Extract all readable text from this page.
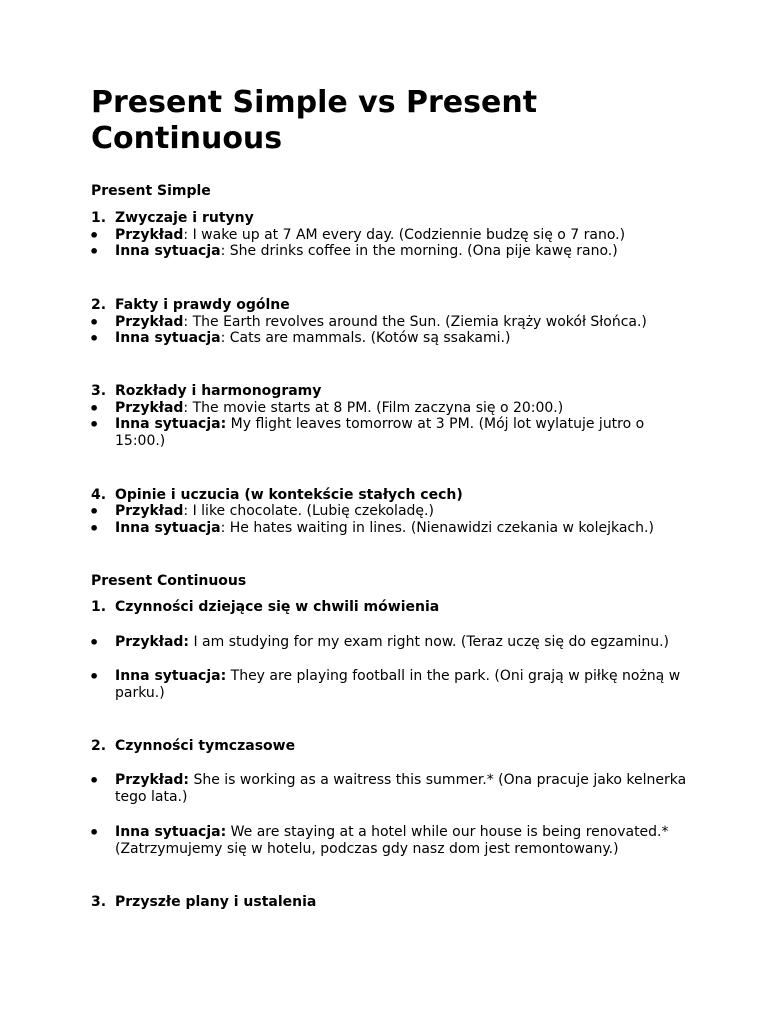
Present Simple vs Present Continuous

Present Simple

1. Zwyczaje i rutyny

• Przykład: I wake up at 7 AM every day. (Codziennie budzę się o 7 rano.)

• Inna sytuacja: She drinks coffee in the morning. (Ona pije kawę rano.)

2. Fakty i prawdy ogólne

• Przykład: The Earth revolves around the Sun. (Ziemia krąży wokół Słońca.)

• Inna sytuacja: Cats are mammals. (Kotów są ssakami.)

3. Rozkłady i harmonogramy

• Przykład: The movie starts at 8 PM. (Film zaczyna się o 20:00.)

• Inna sytuacja: My flight leaves tomorrow at 3 PM. (Mój lot wylatuje jutro o 15:00.)

4. Opinie i uczucia (w kontekście stałych cech)

• Przykład: I like chocolate. (Lubię czekoladę.)

• Inna sytuacja: He hates waiting in lines. (Nienawidzi czekania w kolejkach.)

Present Continuous

1. Czynności dziejące się w chwili mówienia

• Przykład: I am studying for my exam right now. (Teraz uczę się do egzaminu.)

• Inna sytuacja: They are playing football in the park. (Oni grają w piłkę nożną w parku.)

2. Czynności tymczasowe

• Przykład: She is working as a waitress this summer.* (Ona pracuje jako kelnerka tego lata.)

• Inna sytuacja: We are staying at a hotel while our house is being renovated.* (Zatrzymujemy się w hotelu, podczas gdy nasz dom jest remontowany.)

3. Przyszłe plany i ustalenia
